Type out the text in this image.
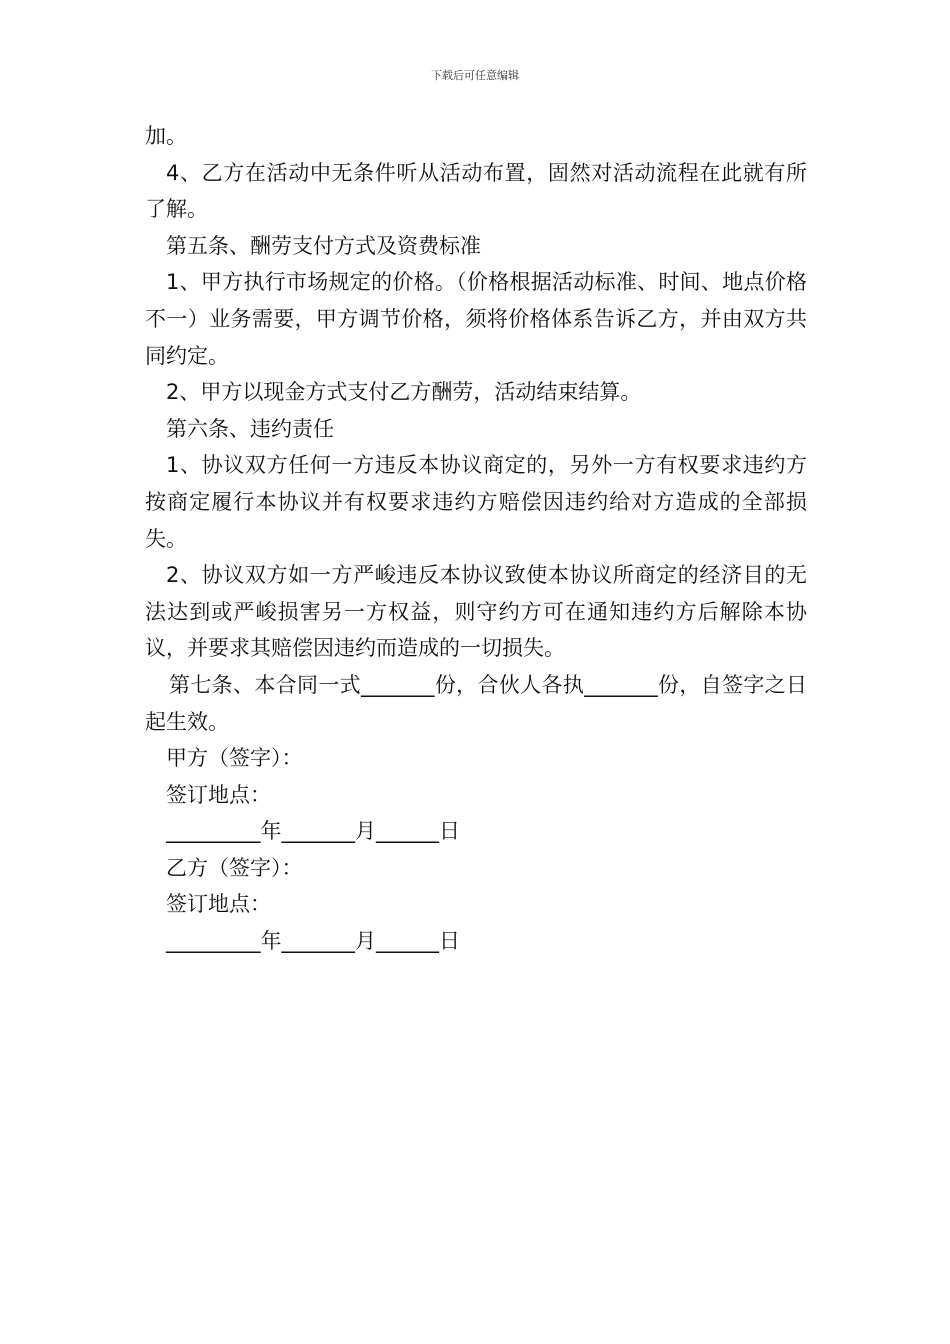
下载后可任意编辑

加。

4、乙方在活动中无条件听从活动布置，固然对活动流程在此就有所了解。

第五条、酬劳支付方式及资费标准

1、甲方执行市场规定的价格。（价格根据活动标准、时间、地点价格不一）业务需要，甲方调节价格，须将价格体系告诉乙方，并由双方共同约定。

2、甲方以现金方式支付乙方酬劳，活动结束结算。

第六条、违约责任

1、协议双方任何一方违反本协议商定的，另外一方有权要求违约方按商定履行本协议并有权要求违约方赔偿因违约给对方造成的全部损失。

2、协议双方如一方严峻违反本协议致使本协议所商定的经济目的无法达到或严峻损害另一方权益，则守约方可在通知违约方后解除本协议，并要求其赔偿因违约而造成的一切损失。

第七条、本合同一式_______份，合伙人各执_______份，自签字之日起生效。

甲方（签字）：

签订地点：

_________年_______月______日

乙方（签字）：

签订地点：

_________年_______月______日
